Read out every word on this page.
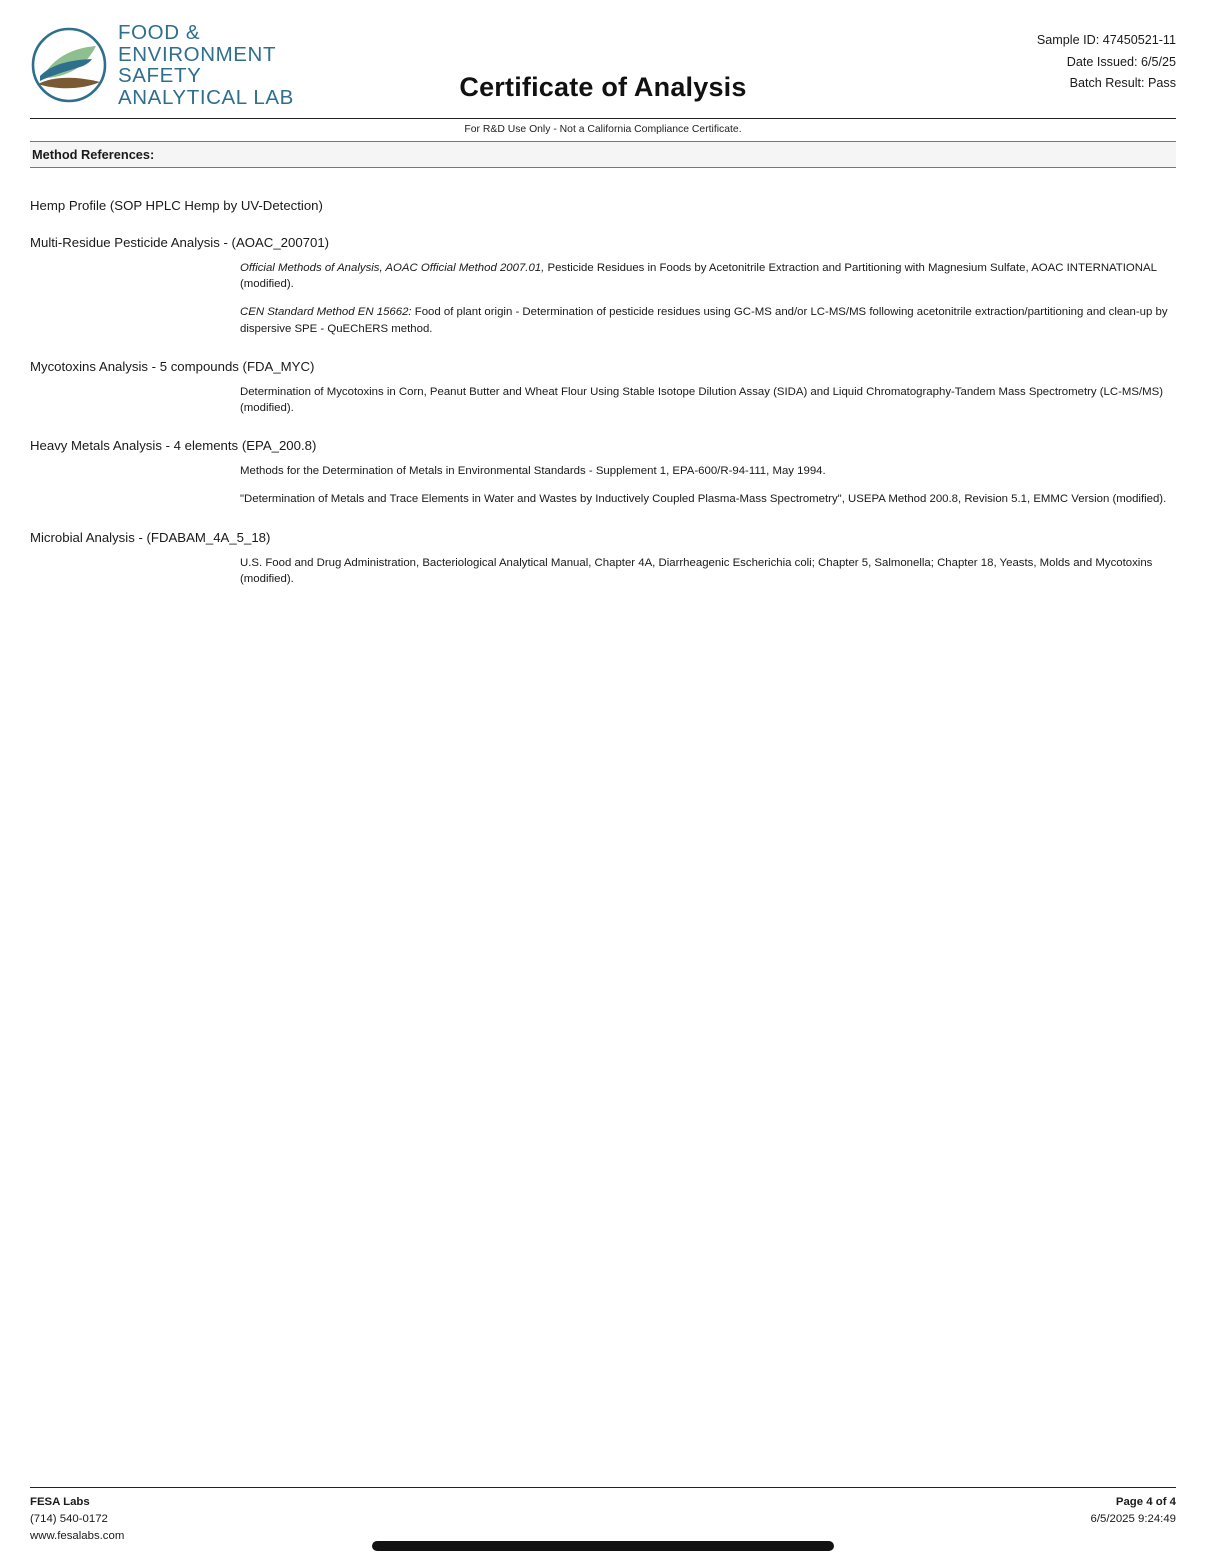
FOOD &
ENVIRONMENT
SAFETY
ANALYTICAL LAB	Certificate of Analysis
Sample ID: 47450521-11
Date Issued: 6/5/25
Batch Result: Pass
For R&D Use Only - Not a California Compliance Certificate.
Method References:
Hemp Profile (SOP HPLC Hemp by UV-Detection)
Multi-Residue Pesticide Analysis - (AOAC_200701)
Official Methods of Analysis, AOAC Official Method 2007.01, Pesticide Residues in Foods by Acetonitrile Extraction and Partitioning with Magnesium Sulfate, AOAC INTERNATIONAL (modified).
CEN Standard Method EN 15662: Food of plant origin - Determination of pesticide residues using GC-MS and/or LC-MS/MS following acetonitrile extraction/partitioning and clean-up by dispersive SPE - QuEChERS method.
Mycotoxins Analysis - 5 compounds (FDA_MYC)
Determination of Mycotoxins in Corn, Peanut Butter and Wheat Flour Using Stable Isotope Dilution Assay (SIDA) and Liquid Chromatography-Tandem Mass Spectrometry (LC-MS/MS) (modified).
Heavy Metals Analysis - 4 elements (EPA_200.8)
Methods for the Determination of Metals in Environmental Standards - Supplement 1, EPA-600/R-94-111, May 1994.
"Determination of Metals and Trace Elements in Water and Wastes by Inductively Coupled Plasma-Mass Spectrometry", USEPA Method 200.8, Revision 5.1, EMMC Version (modified).
Microbial Analysis - (FDABAM_4A_5_18)
U.S. Food and Drug Administration, Bacteriological Analytical Manual, Chapter 4A, Diarrheagenic Escherichia coli; Chapter 5, Salmonella; Chapter 18, Yeasts, Molds and Mycotoxins (modified).
FESA Labs
(714) 540-0172
www.fesalabs.com
Page 4 of 4
6/5/2025 9:24:49
